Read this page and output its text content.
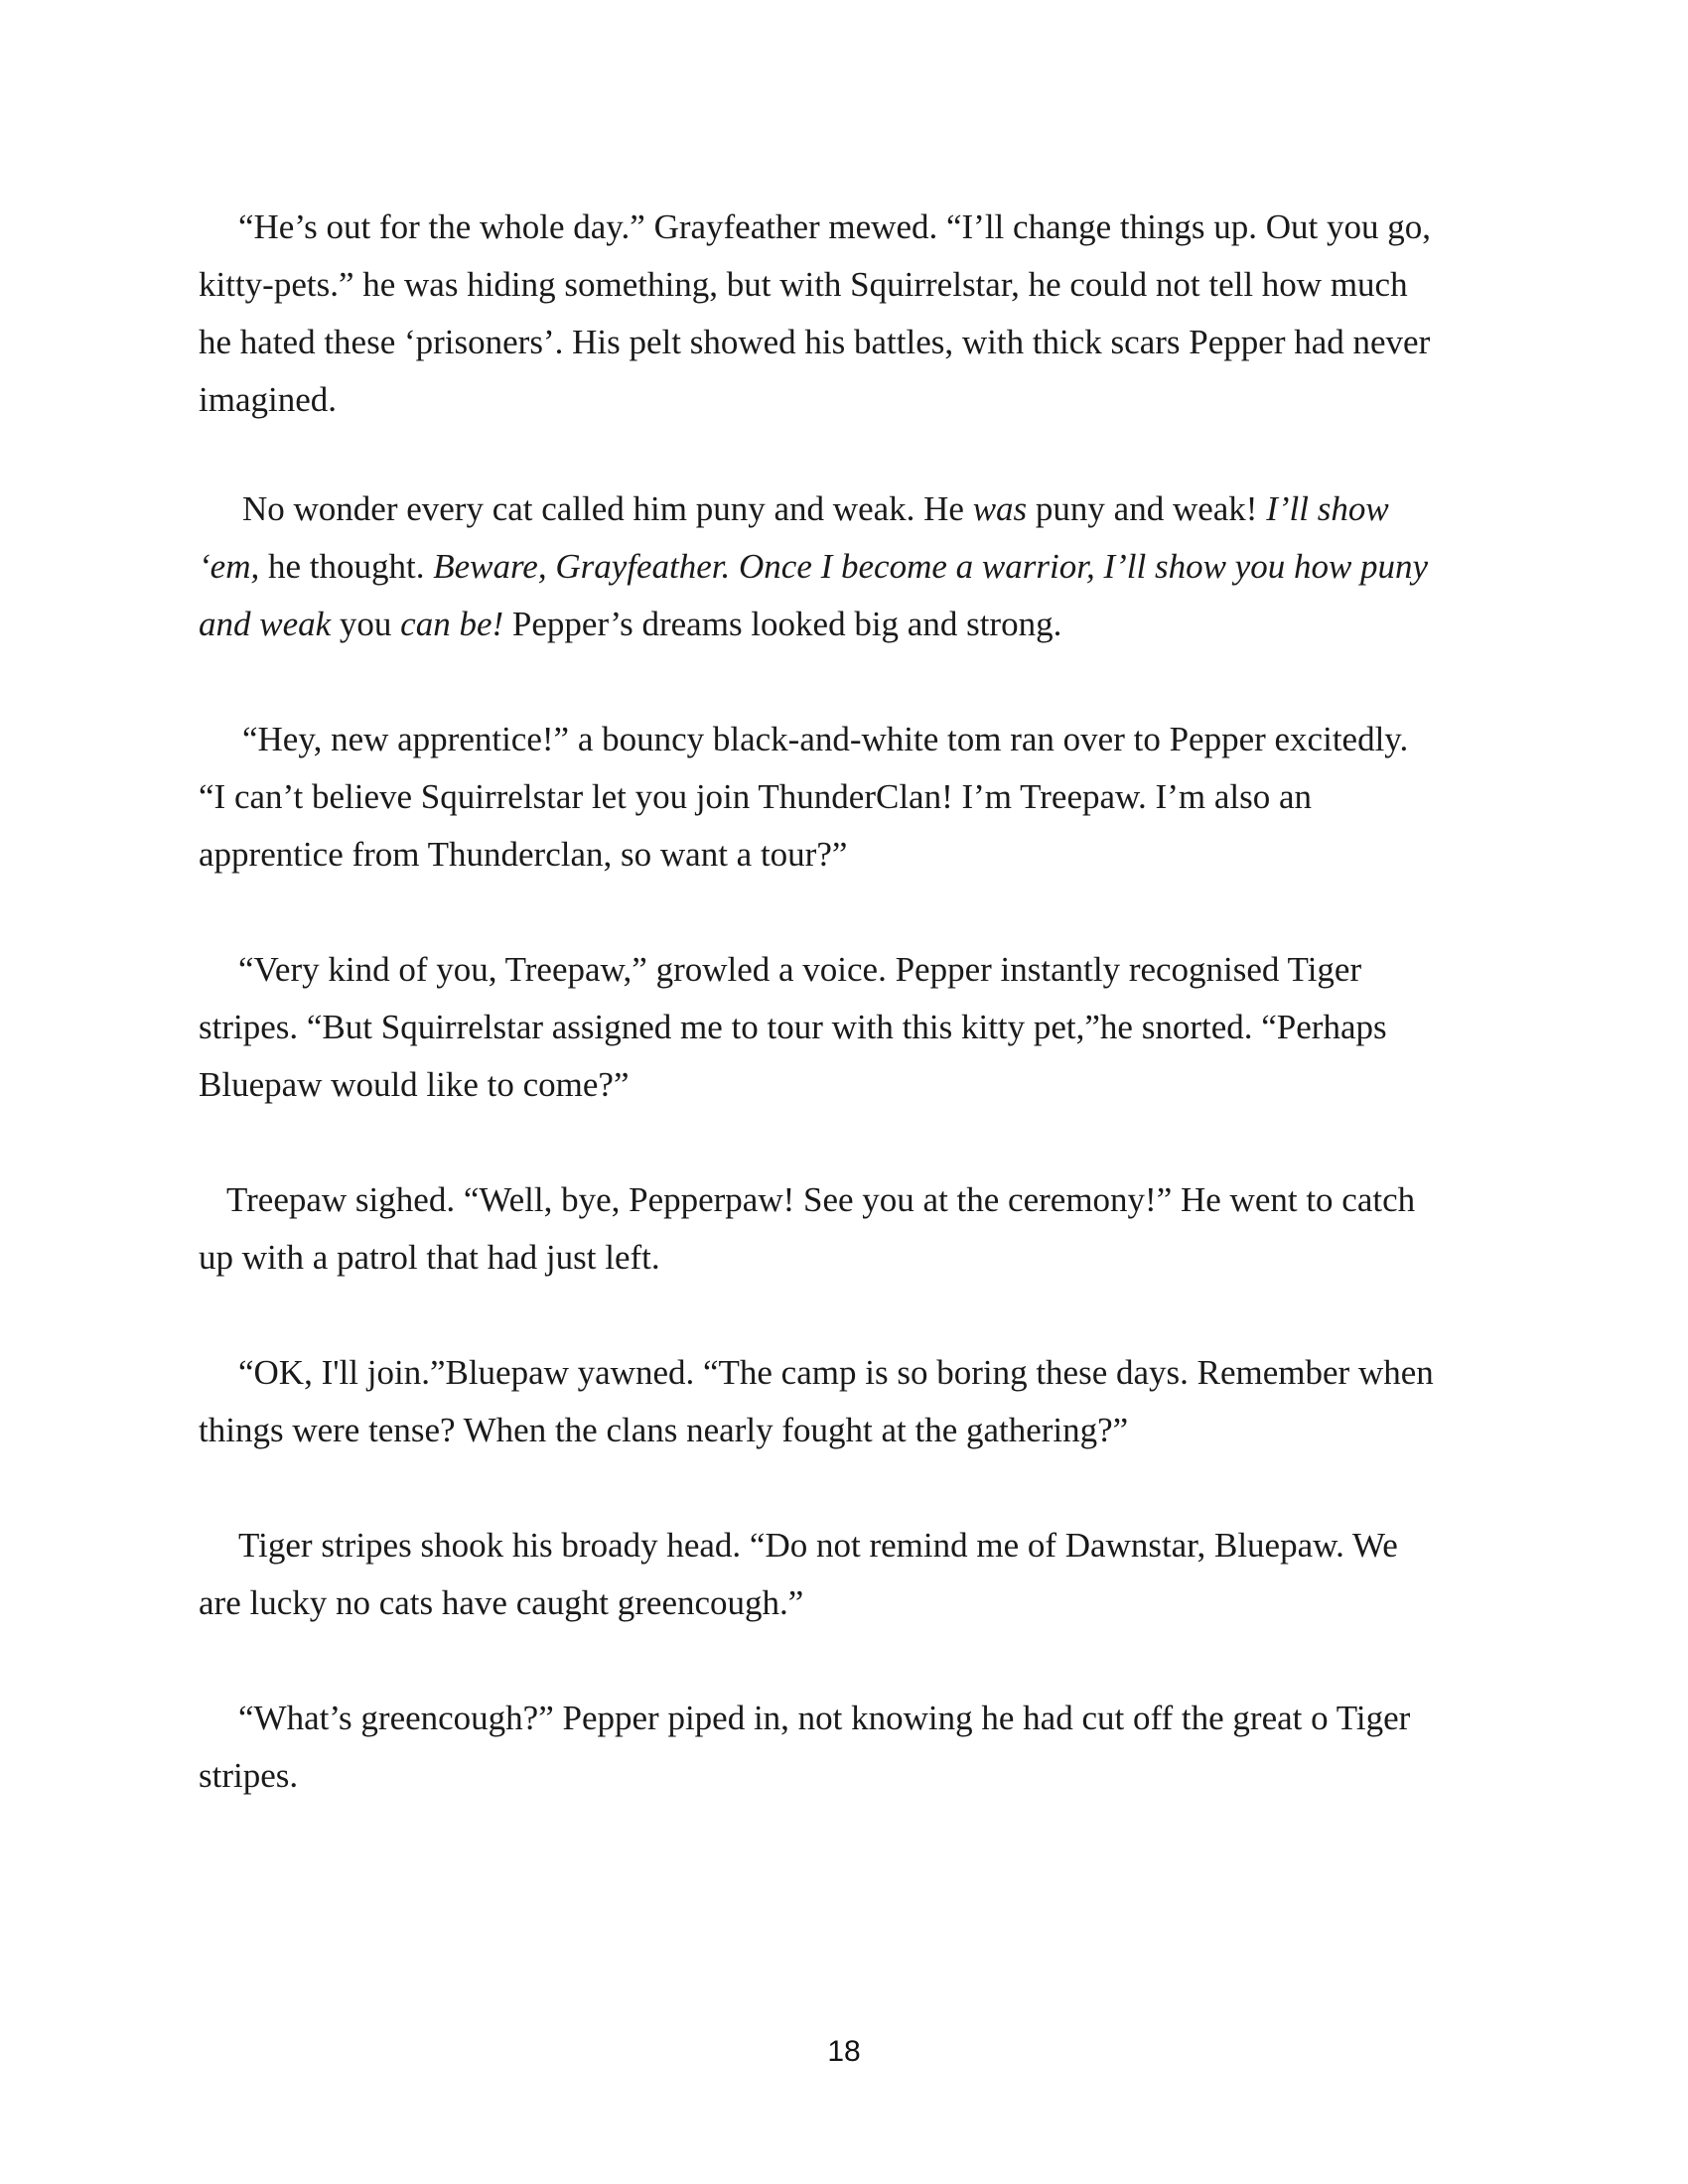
“He’s out for the whole day.” Grayfeather mewed. “I’ll change things up. Out you go,
kitty-pets.” he was hiding something, but with Squirrelstar, he could not tell how much
he hated these ‘prisoners’. His pelt showed his battles, with thick scars Pepper had never
imagined.
No wonder every cat called him puny and weak. He was puny and weak! I’ll show
‘em, he thought. Beware, Grayfeather. Once I become a warrior, I’ll show you how puny
and weak you can be! Pepper’s dreams looked big and strong.
“Hey, new apprentice!” a bouncy black-and-white tom ran over to Pepper excitedly.
“I can’t believe Squirrelstar let you join ThunderClan! I’m Treepaw. I’m also an
apprentice from Thunderclan, so want a tour?”
“Very kind of you, Treepaw,” growled a voice. Pepper instantly recognised Tiger
stripes. “But Squirrelstar assigned me to tour with this kitty pet,”he snorted. “Perhaps
Bluepaw would like to come?”
Treepaw sighed. “Well, bye, Pepperpaw! See you at the ceremony!” He went to catch
up with a patrol that had just left.
“OK, I'll join.”Bluepaw yawned. “The camp is so boring these days. Remember when
things were tense? When the clans nearly fought at the gathering?”
Tiger stripes shook his broady head. “Do not remind me of Dawnstar, Bluepaw. We
are lucky no cats have caught greencough.”
“What’s greencough?” Pepper piped in, not knowing he had cut off the great o Tiger
stripes.
18
